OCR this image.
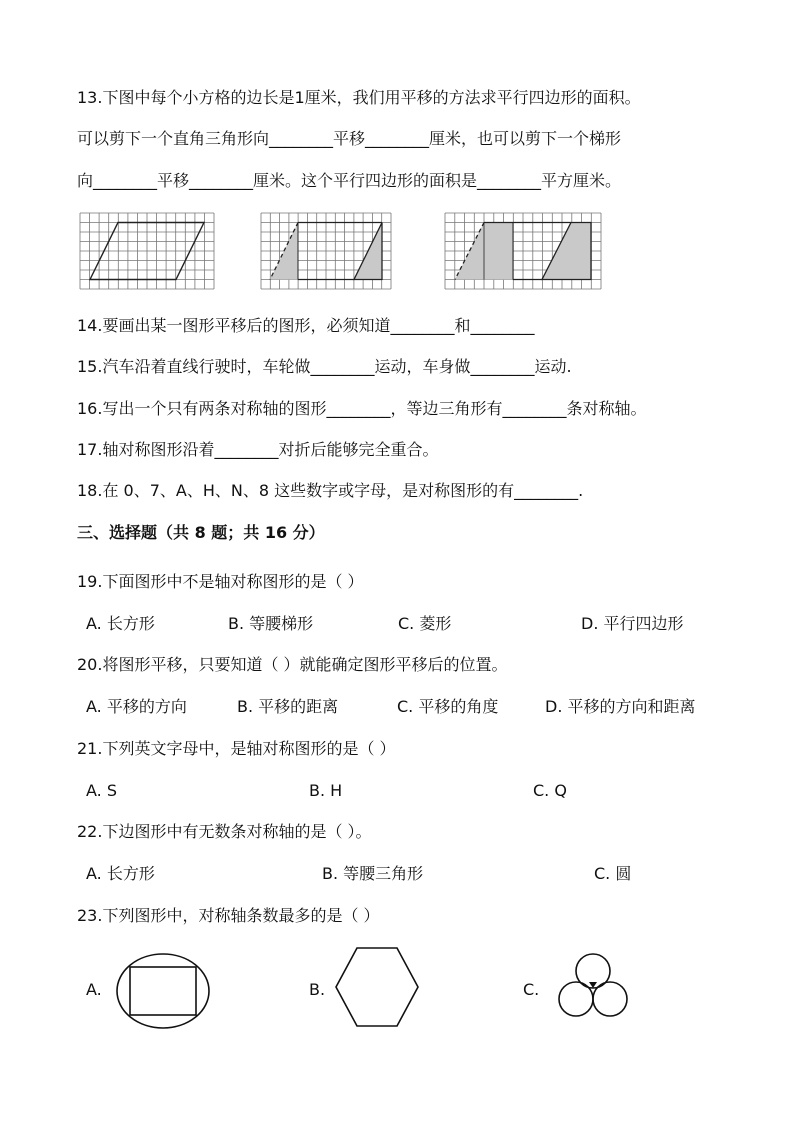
13.下图中每个小方格的边长是1厘米，我们用平移的方法求平行四边形的面积。
可以剪下一个直角三角形向________平移________厘米，也可以剪下一个梯形
向________平移________厘米。这个平行四边形的面积是________平方厘米。
14.要画出某一图形平移后的图形，必须知道________和________
15.汽车沿着直线行驶时，车轮做________运动，车身做________运动.
16.写出一个只有两条对称轴的图形________，等边三角形有________条对称轴。
17.轴对称图形沿着________对折后能够完全重合。
18.在 0、7、A、H、N、8 这些数字或字母，是对称图形的有________.
三、选择题（共 8 题；共 16 分）
19.下面图形中不是轴对称图形的是（ ）
A. 长方形	B. 等腰梯形	C. 菱形	D. 平行四边形
20.将图形平移，只要知道（ ）就能确定图形平移后的位置。
A. 平移的方向	B. 平移的距离	C. 平移的角度	D. 平移的方向和距离
21.下列英文字母中，是轴对称图形的是（ ）
A. S	B. H	C. Q
22.下边图形中有无数条对称轴的是（ ）。
A. 长方形	B. 等腰三角形	C. 圆
23.下列图形中，对称轴条数最多的是（ ）
A.	B.	C.
